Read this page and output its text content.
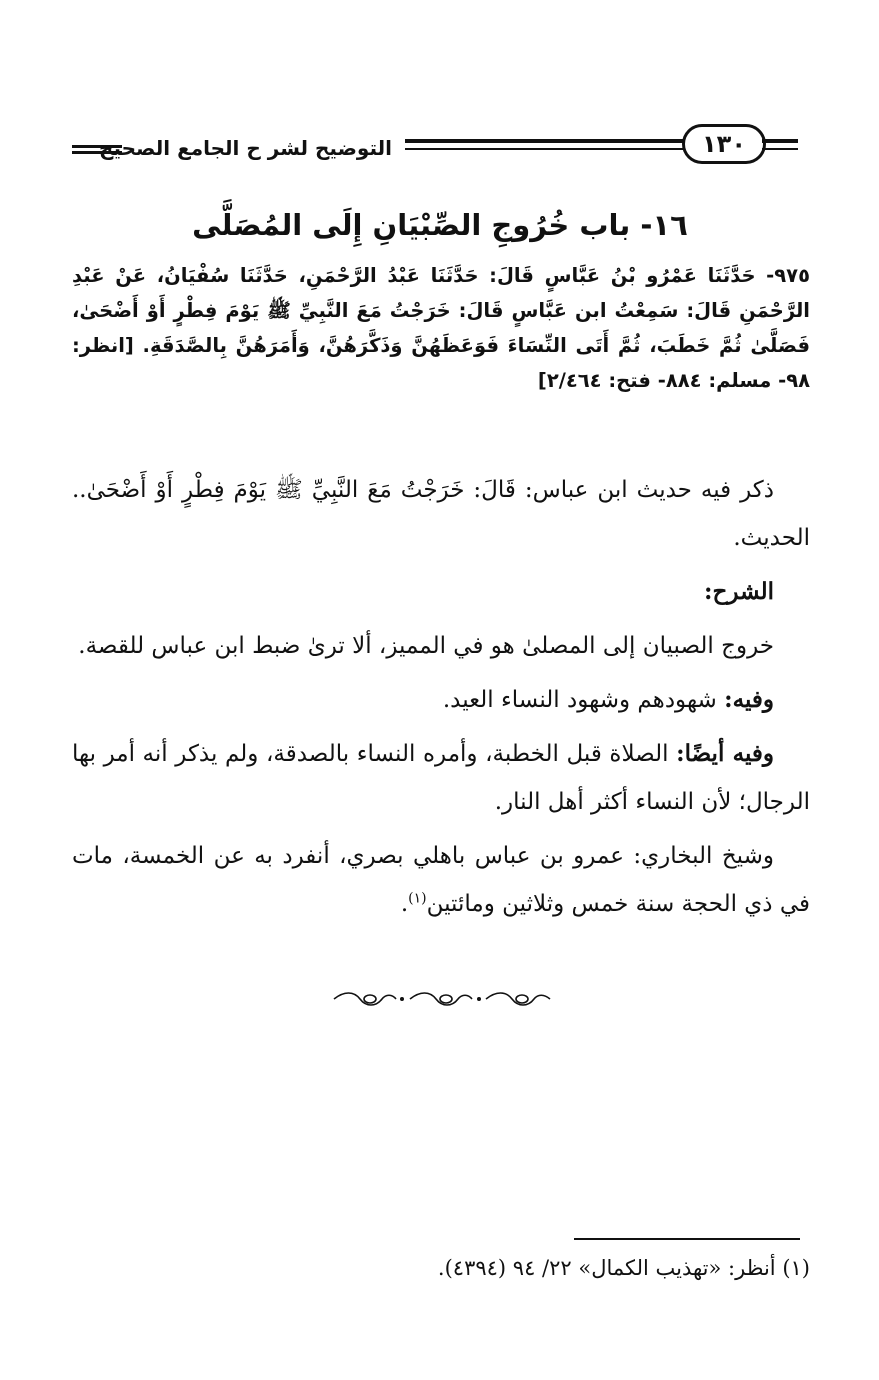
التوضيح لشر ح الجامع الصحيح	١٣٠
١٦- باب خُرُوجِ الصِّبْيَانِ إِلَى المُصَلَّى
٩٧٥- حَدَّثَنَا عَمْرُو بْنُ عَبَّاسٍ قَالَ: حَدَّثَنَا عَبْدُ الرَّحْمَنِ، حَدَّثَنَا سُفْيَانُ، عَنْ عَبْدِ الرَّحْمَنِ قَالَ: سَمِعْتُ ابن عَبَّاسٍ قَالَ: خَرَجْتُ مَعَ النَّبِيِّ ﷺ يَوْمَ فِطْرٍ أَوْ أَضْحَىٰ، فَصَلَّىٰ ثُمَّ خَطَبَ، ثُمَّ أَتَى النِّسَاءَ فَوَعَظَهُنَّ وَذَكَّرَهُنَّ، وَأَمَرَهُنَّ بِالصَّدَقَةِ. [انظر: ٩٨- مسلم: ٨٨٤- فتح: ٢/٤٦٤]

ذكر فيه حديث ابن عباس: قَالَ: خَرَجْتُ مَعَ النَّبِيِّ ﷺ يَوْمَ فِطْرٍ أَوْ أَضْحَىٰ.. الحديث.

الشرح:

خروج الصبيان إلى المصلىٰ هو في المميز، ألا ترىٰ ضبط ابن عباس للقصة.

وفيه: شهودهم وشهود النساء العيد.

وفيه أيضًا: الصلاة قبل الخطبة، وأمره النساء بالصدقة، ولم يذكر أنه أمر بها الرجال؛ لأن النساء أكثر أهل النار.

وشيخ البخاري: عمرو بن عباس باهلي بصري، أنفرد به عن الخمسة، مات في ذي الحجة سنة خمس وثلاثين ومائتين$^{(١)}$.

(١) أنظر: «تهذيب الكمال» ٢٢/ ٩٤ (٤٣٩٤).
